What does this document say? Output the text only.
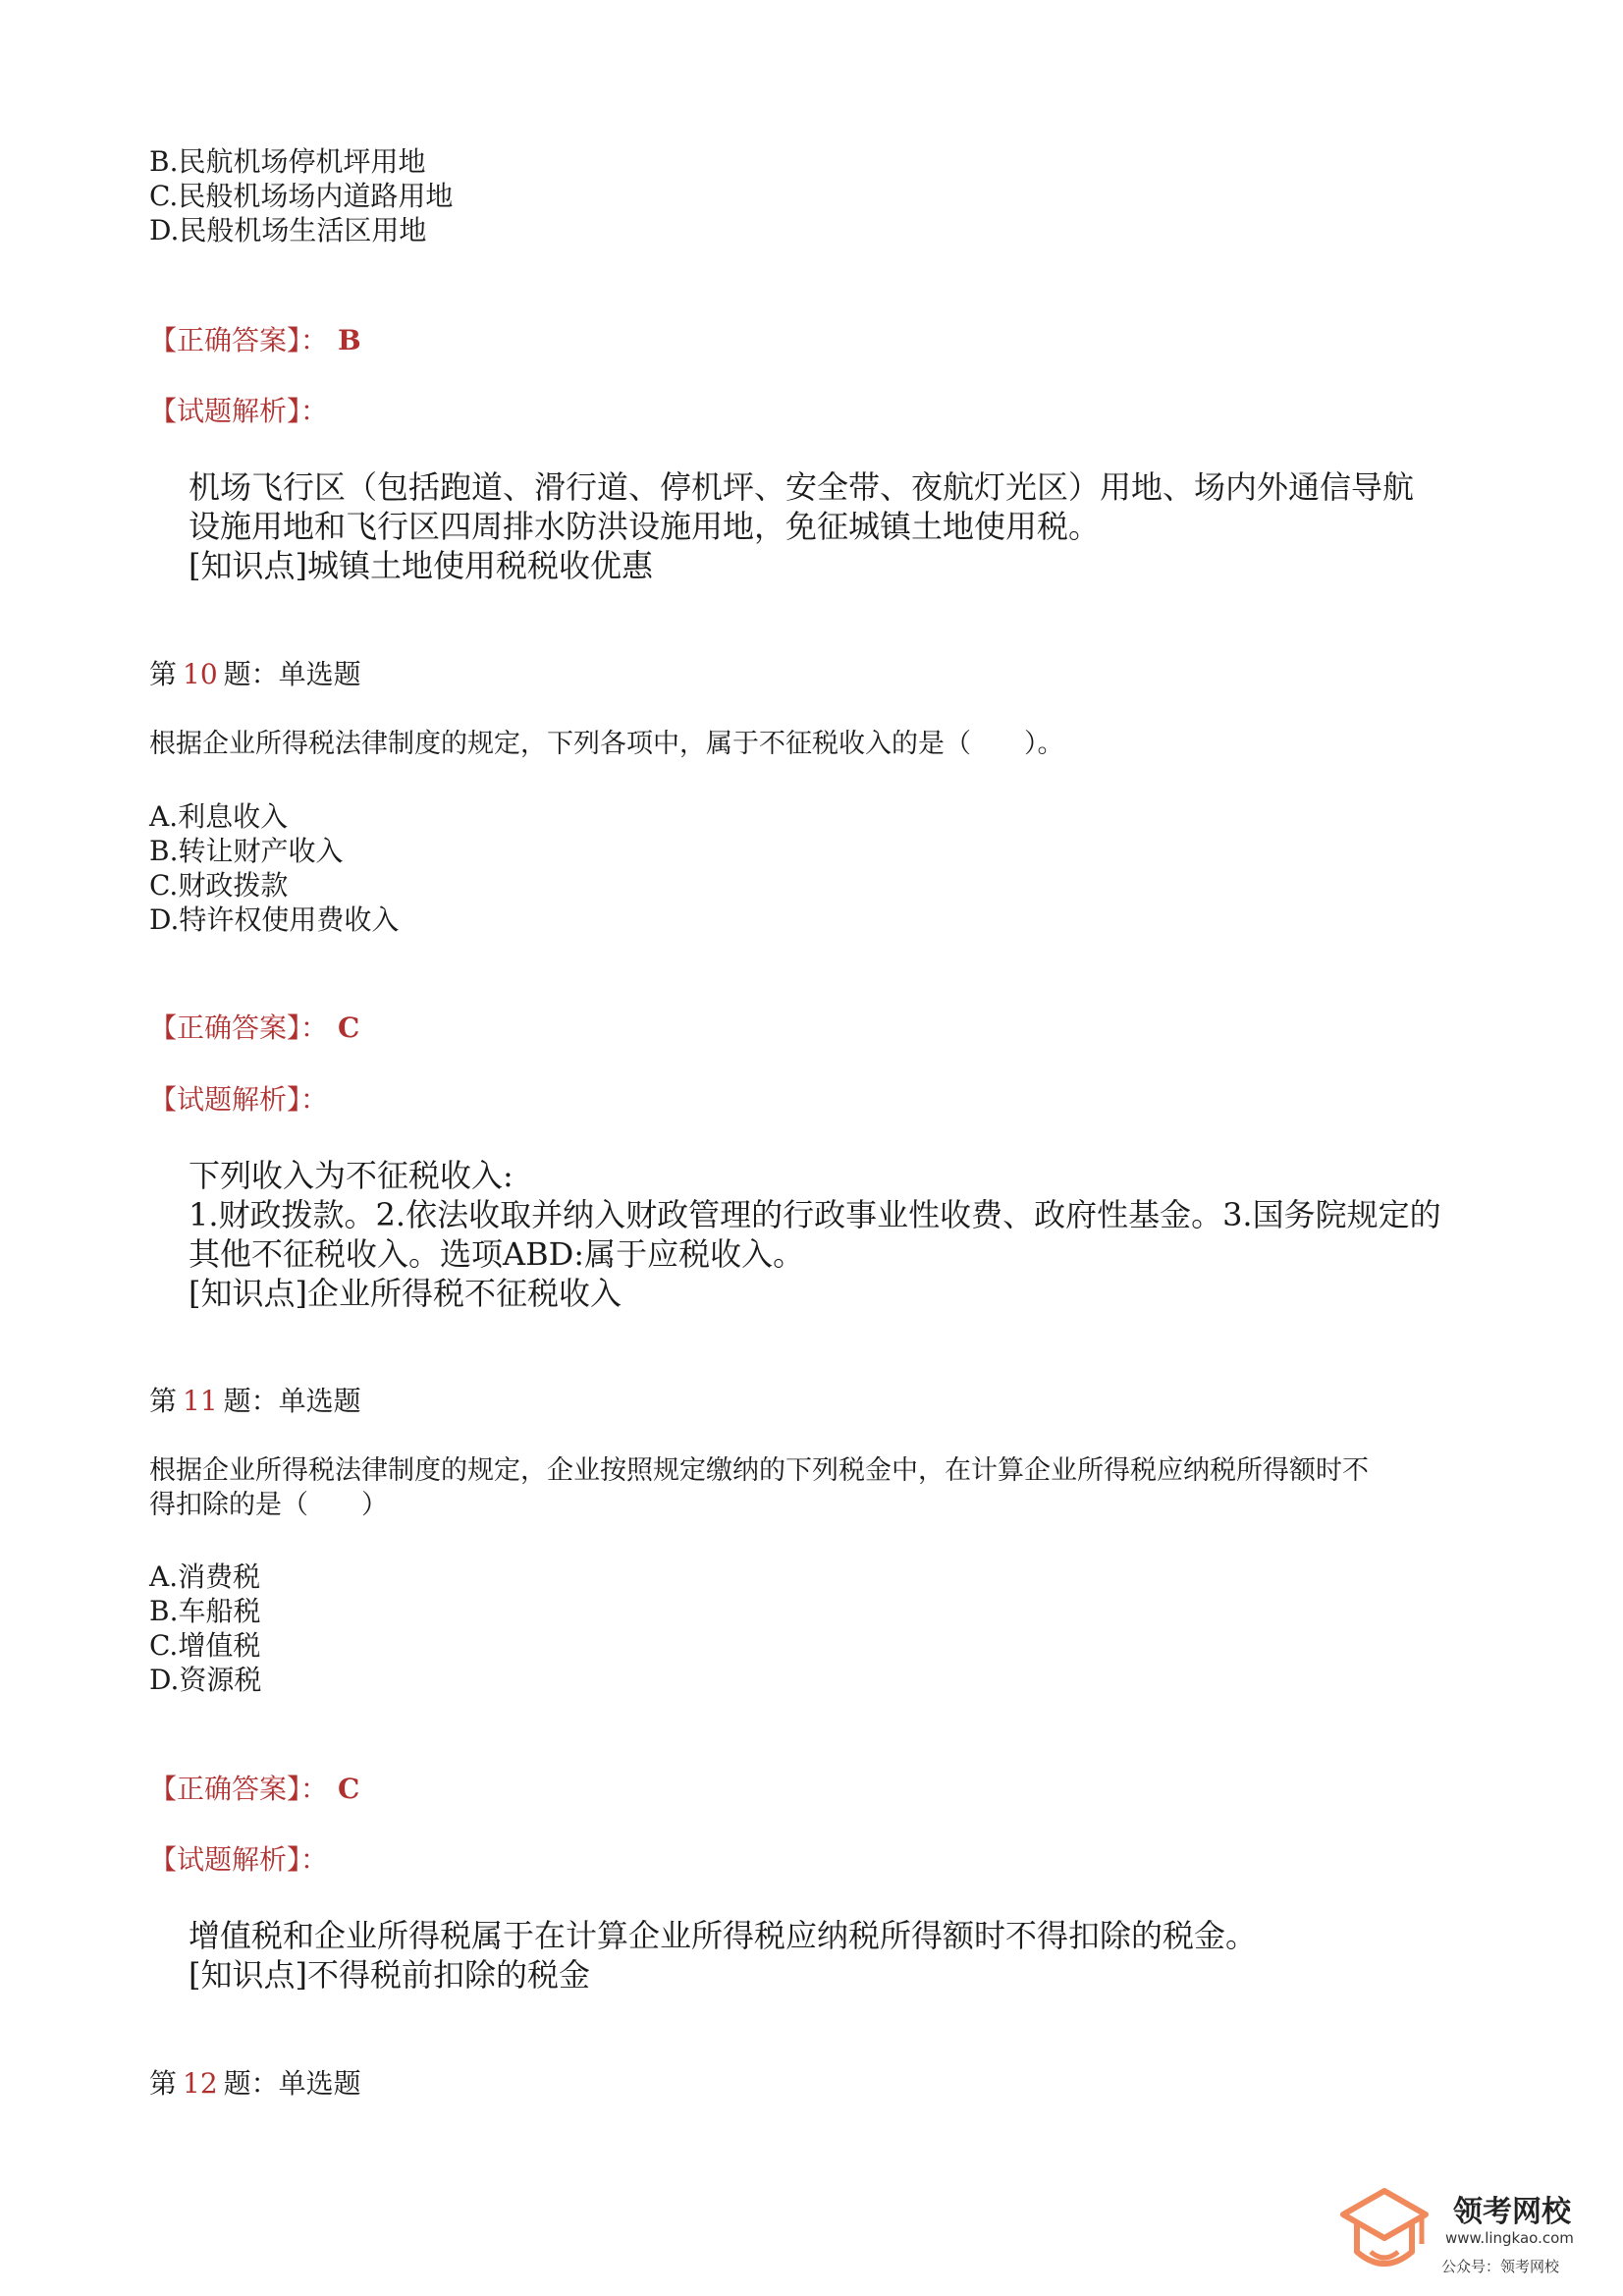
B.民航机场停机坪用地
C.民般机场场内道路用地
D.民般机场生活区用地
【正确答案】： B
【试题解析】：
机场飞行区（包括跑道、滑行道、停机坪、安全带、夜航灯光区）用地、场内外通信导航
设施用地和飞行区四周排水防洪设施用地，免征城镇土地使用税。
[知识点]城镇土地使用税税收优惠
第 10 题：单选题
根据企业所得税法律制度的规定，下列各项中，属于不征税收入的是（　　）。
A.利息收入
B.转让财产收入
C.财政拨款
D.特许权使用费收入
【正确答案】： C
【试题解析】：
下列收入为不征税收入:
1.财政拨款。2.依法收取并纳入财政管理的行政事业性收费、政府性基金。3.国务院规定的
其他不征税收入。选项ABD:属于应税收入。
[知识点]企业所得税不征税收入
第 11 题：单选题
根据企业所得税法律制度的规定，企业按照规定缴纳的下列税金中，在计算企业所得税应纳税所得额时不
得扣除的是（　　）
A.消费税
B.车船税
C.增值税
D.资源税
【正确答案】： C
【试题解析】：
增值税和企业所得税属于在计算企业所得税应纳税所得额时不得扣除的税金。
[知识点]不得税前扣除的税金
第 12 题：单选题
领考网校
www.lingkao.com
公众号：领考网校
